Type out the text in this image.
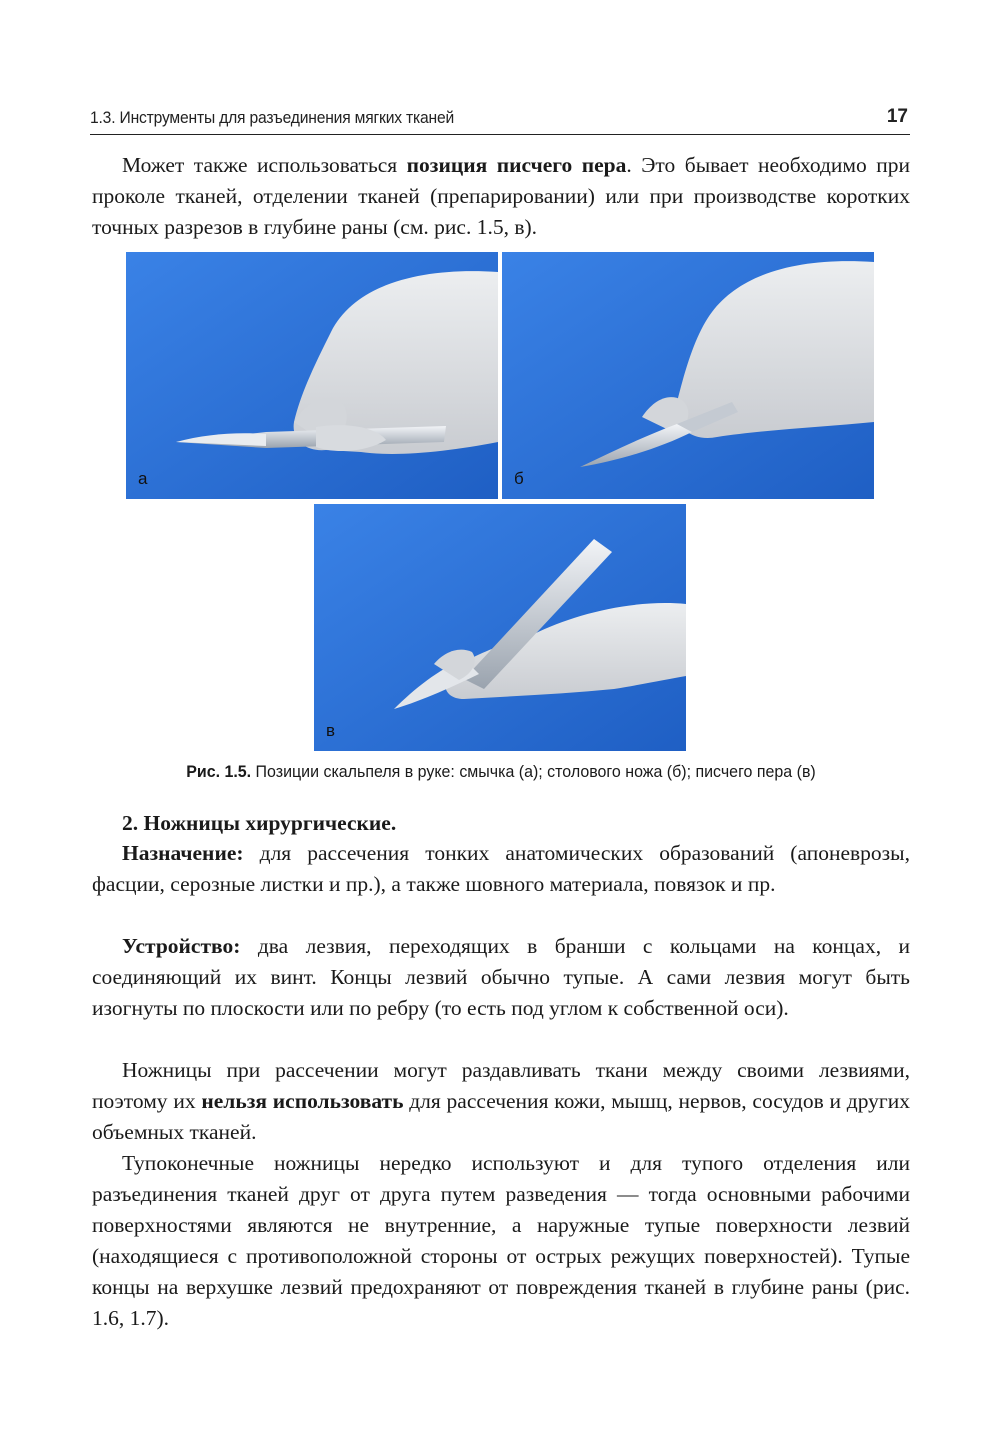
1.3. Инструменты для разъединения мягких тканей	17

Может также использоваться позиция писчего пера. Это бывает необходимо при проколе тканей, отделении тканей (препарировании) или при производстве коротких точных разрезов в глубине раны (см. рис. 1.5, в).

а	б
в
Рис. 1.5. Позиции скальпеля в руке: смычка (а); столового ножа (б); писчего пера (в)

2. Ножницы хирургические.

Назначение: для рассечения тонких анатомических образований (апоневрозы, фасции, серозные листки и пр.), а также шовного материала, повязок и пр.

Устройство: два лезвия, переходящих в бранши с кольцами на концах, и соединяющий их винт. Концы лезвий обычно тупые. А сами лезвия могут быть изогнуты по плоскости или по ребру (то есть под углом к собственной оси).

Ножницы при рассечении могут раздавливать ткани между своими лезвиями, поэтому их нельзя использовать для рассечения кожи, мышц, нервов, сосудов и других объемных тканей.

Тупоконечные ножницы нередко используют и для тупого отделения или разъединения тканей друг от друга путем разведения — тогда основными рабочими поверхностями являются не внутренние, а наружные тупые поверхности лезвий (находящиеся с противоположной стороны от острых режущих поверхностей). Тупые концы на верхушке лезвий предохраняют от повреждения тканей в глубине раны (рис. 1.6, 1.7).
